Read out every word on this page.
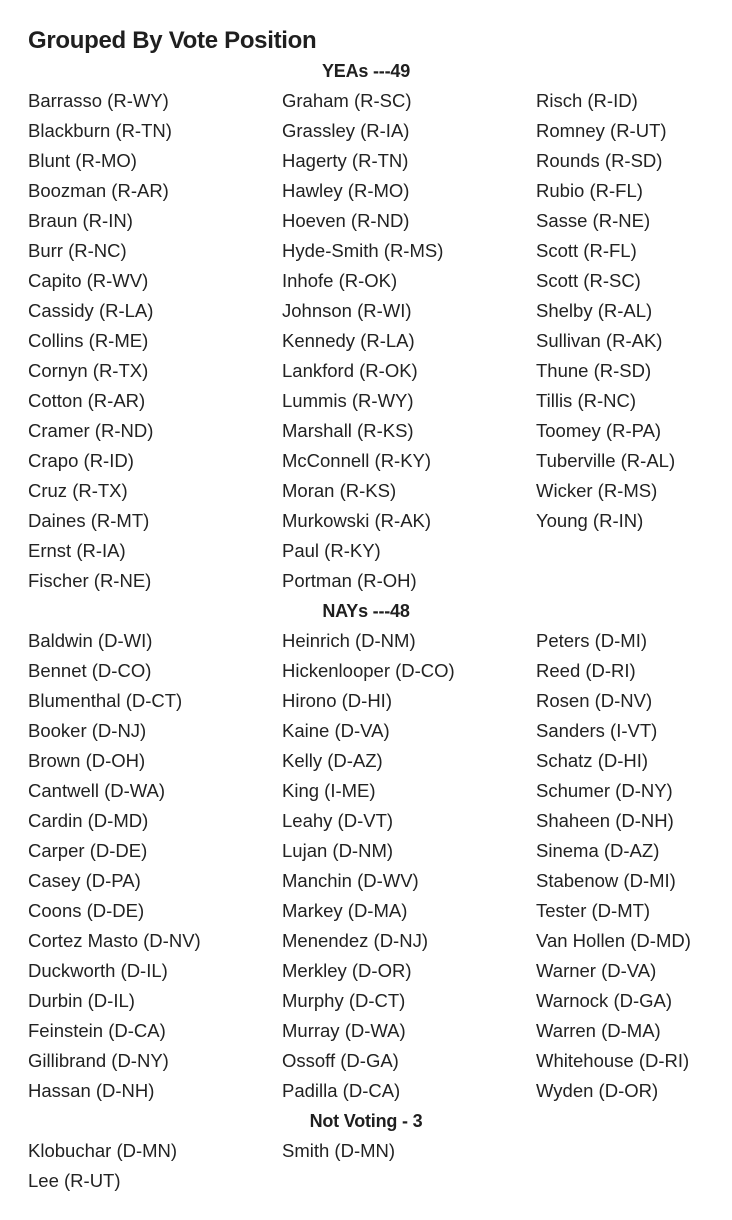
Grouped By Vote Position
YEAs ---49
Barrasso (R-WY)
Blackburn (R-TN)
Blunt (R-MO)
Boozman (R-AR)
Braun (R-IN)
Burr (R-NC)
Capito (R-WV)
Cassidy (R-LA)
Collins (R-ME)
Cornyn (R-TX)
Cotton (R-AR)
Cramer (R-ND)
Crapo (R-ID)
Cruz (R-TX)
Daines (R-MT)
Ernst (R-IA)
Fischer (R-NE)
Graham (R-SC)
Grassley (R-IA)
Hagerty (R-TN)
Hawley (R-MO)
Hoeven (R-ND)
Hyde-Smith (R-MS)
Inhofe (R-OK)
Johnson (R-WI)
Kennedy (R-LA)
Lankford (R-OK)
Lummis (R-WY)
Marshall (R-KS)
McConnell (R-KY)
Moran (R-KS)
Murkowski (R-AK)
Paul (R-KY)
Portman (R-OH)
Risch (R-ID)
Romney (R-UT)
Rounds (R-SD)
Rubio (R-FL)
Sasse (R-NE)
Scott (R-FL)
Scott (R-SC)
Shelby (R-AL)
Sullivan (R-AK)
Thune (R-SD)
Tillis (R-NC)
Toomey (R-PA)
Tuberville (R-AL)
Wicker (R-MS)
Young (R-IN)
NAYs ---48
Baldwin (D-WI)
Bennet (D-CO)
Blumenthal (D-CT)
Booker (D-NJ)
Brown (D-OH)
Cantwell (D-WA)
Cardin (D-MD)
Carper (D-DE)
Casey (D-PA)
Coons (D-DE)
Cortez Masto (D-NV)
Duckworth (D-IL)
Durbin (D-IL)
Feinstein (D-CA)
Gillibrand (D-NY)
Hassan (D-NH)
Heinrich (D-NM)
Hickenlooper (D-CO)
Hirono (D-HI)
Kaine (D-VA)
Kelly (D-AZ)
King (I-ME)
Leahy (D-VT)
Lujan (D-NM)
Manchin (D-WV)
Markey (D-MA)
Menendez (D-NJ)
Merkley (D-OR)
Murphy (D-CT)
Murray (D-WA)
Ossoff (D-GA)
Padilla (D-CA)
Peters (D-MI)
Reed (D-RI)
Rosen (D-NV)
Sanders (I-VT)
Schatz (D-HI)
Schumer (D-NY)
Shaheen (D-NH)
Sinema (D-AZ)
Stabenow (D-MI)
Tester (D-MT)
Van Hollen (D-MD)
Warner (D-VA)
Warnock (D-GA)
Warren (D-MA)
Whitehouse (D-RI)
Wyden (D-OR)
Not Voting - 3
Klobuchar (D-MN)
Lee (R-UT)
Smith (D-MN)
